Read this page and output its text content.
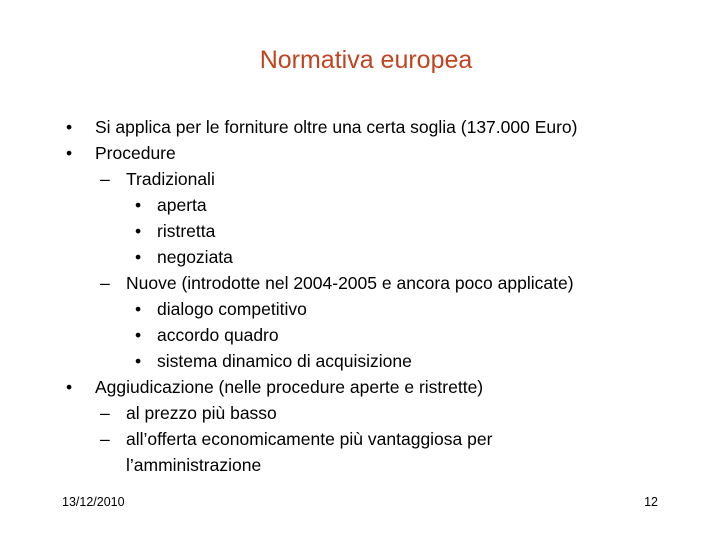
Normativa europea
• Si applica per le forniture oltre una certa soglia (137.000 Euro)
• Procedure
– Tradizionali
• aperta
• ristretta
• negoziata
– Nuove (introdotte nel 2004-2005 e ancora poco applicate)
• dialogo competitivo
• accordo quadro
• sistema dinamico di acquisizione
• Aggiudicazione (nelle procedure aperte e ristrette)
– al prezzo più basso
– all’offerta economicamente più vantaggiosa per
l’amministrazione
13/12/2010	12
